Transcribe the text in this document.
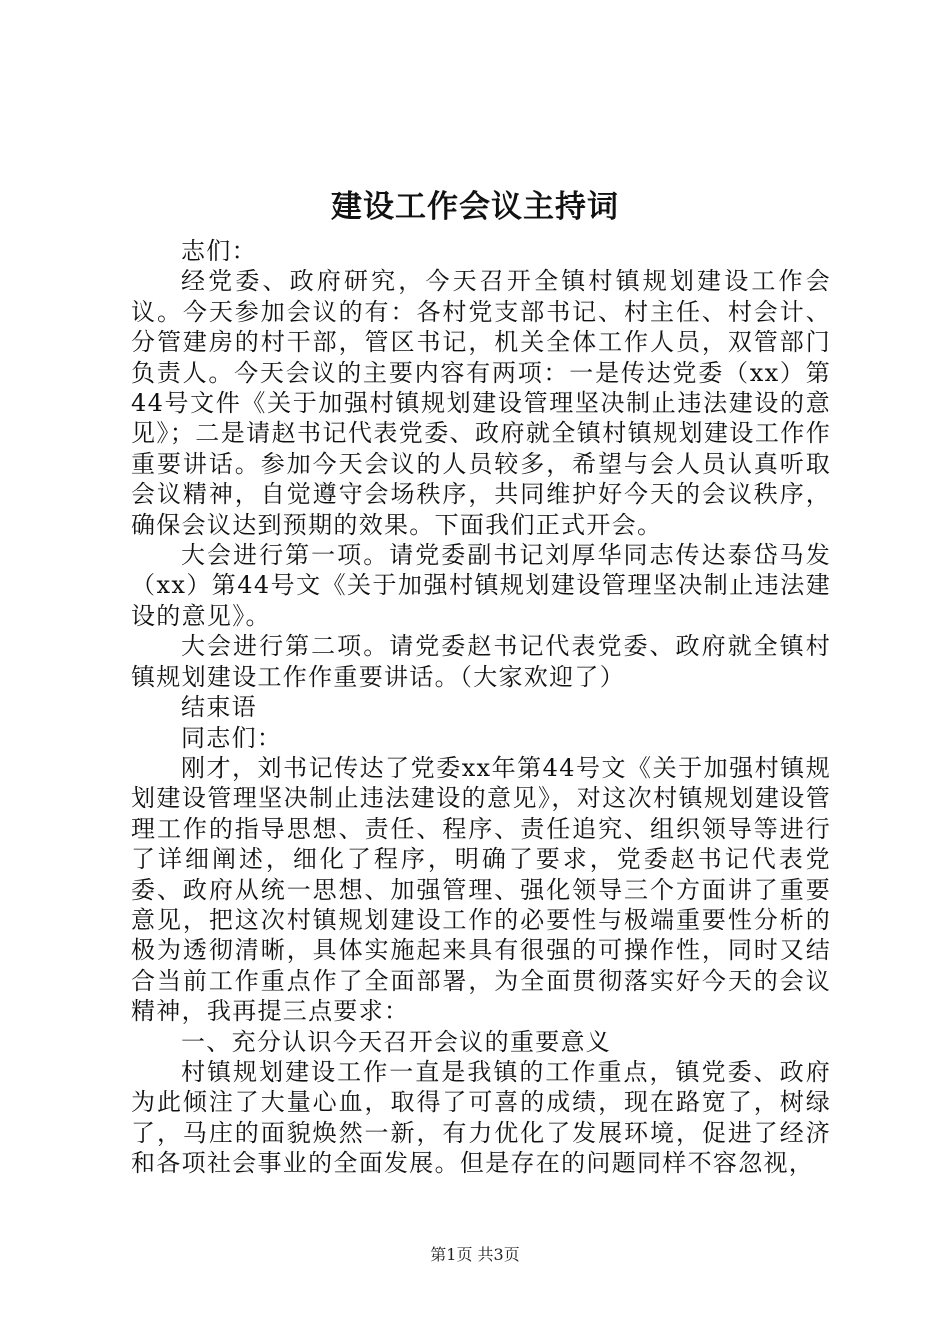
建设工作会议主持词

志们：

经党委、政府研究，今天召开全镇村镇规划建设工作会议。今天参加会议的有：各村党支部书记、村主任、村会计、分管建房的村干部，管区书记，机关全体工作人员，双管部门负责人。今天会议的主要内容有两项：一是传达党委（xx）第44号文件《关于加强村镇规划建设管理坚决制止违法建设的意见》；二是请赵书记代表党委、政府就全镇村镇规划建设工作作重要讲话。参加今天会议的人员较多，希望与会人员认真听取会议精神，自觉遵守会场秩序，共同维护好今天的会议秩序，确保会议达到预期的效果。下面我们正式开会。

大会进行第一项。请党委副书记刘厚华同志传达泰岱马发（xx）第44号文《关于加强村镇规划建设管理坚决制止违法建设的意见》。

大会进行第二项。请党委赵书记代表党委、政府就全镇村镇规划建设工作作重要讲话。（大家欢迎了）

结束语

同志们：

刚才，刘书记传达了党委xx年第44号文《关于加强村镇规划建设管理坚决制止违法建设的意见》，对这次村镇规划建设管理工作的指导思想、责任、程序、责任追究、组织领导等进行了详细阐述，细化了程序，明确了要求，党委赵书记代表党委、政府从统一思想、加强管理、强化领导三个方面讲了重要意见，把这次村镇规划建设工作的必要性与极端重要性分析的极为透彻清晰，具体实施起来具有很强的可操作性，同时又结合当前工作重点作了全面部署，为全面贯彻落实好今天的会议精神，我再提三点要求：

一、充分认识今天召开会议的重要意义

村镇规划建设工作一直是我镇的工作重点，镇党委、政府为此倾注了大量心血，取得了可喜的成绩，现在路宽了，树绿了，马庄的面貌焕然一新，有力优化了发展环境，促进了经济和各项社会事业的全面发展。但是存在的问题同样不容忽视，

第1页 共3页
